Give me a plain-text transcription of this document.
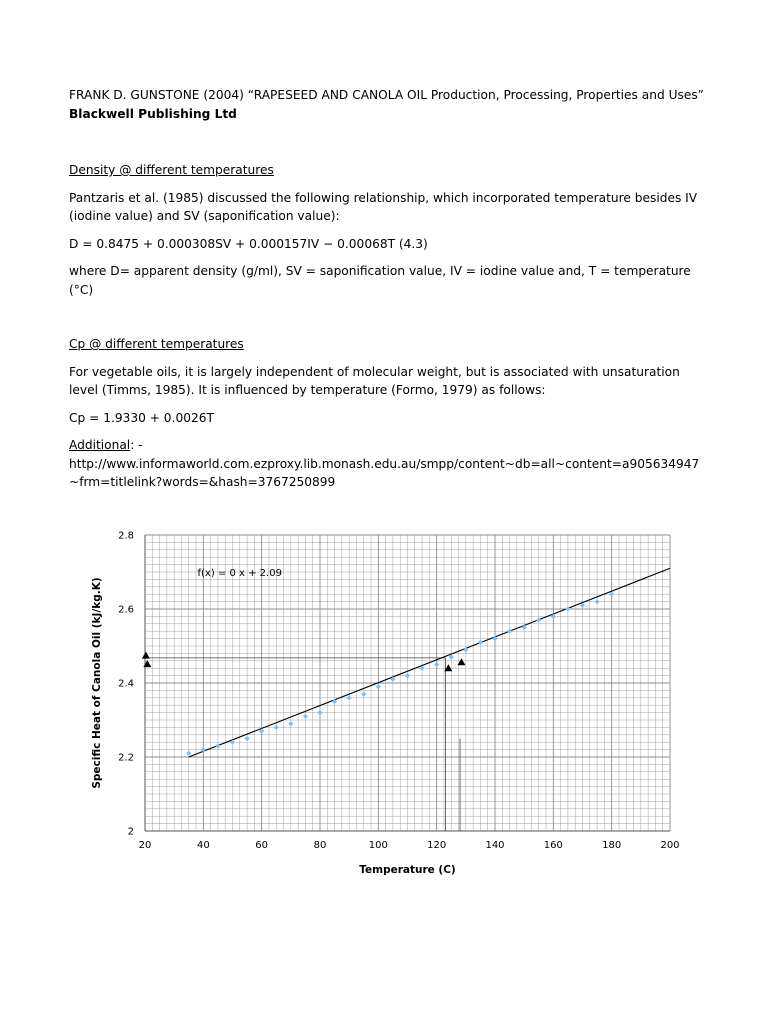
FRANK D. GUNSTONE (2004) “RAPESEED AND CANOLA OIL Production, Processing, Properties and Uses”

Blackwell Publishing Ltd

Density @ different temperatures

Pantzaris et al. (1985) discussed the following relationship, which incorporated temperature besides IV (iodine value) and SV (saponification value):

D = 0.8475 + 0.000308SV + 0.000157IV − 0.00068T (4.3)

where D= apparent density (g/ml), SV = saponification value, IV = iodine value and, T = temperature (°C)

Cp @ different temperatures

For vegetable oils, it is largely independent of molecular weight, but is associated with unsaturation level (Timms, 1985). It is influenced by temperature (Formo, 1979) as follows:

Cp = 1.9330 + 0.0026T

Additional: -

http://www.informaworld.com.ezproxy.lib.monash.edu.au/smpp/content~db=all~content=a905634947~frm=titlelink?words=&hash=3767250899

Temperature (C)
Specific Heat of Canola Oil (kJ/kg.K)
20	40	60	80	100	120	140	160	180	200
2
2.2
2.4
2.6
2.8
f(x) = 0 x + 2.09
